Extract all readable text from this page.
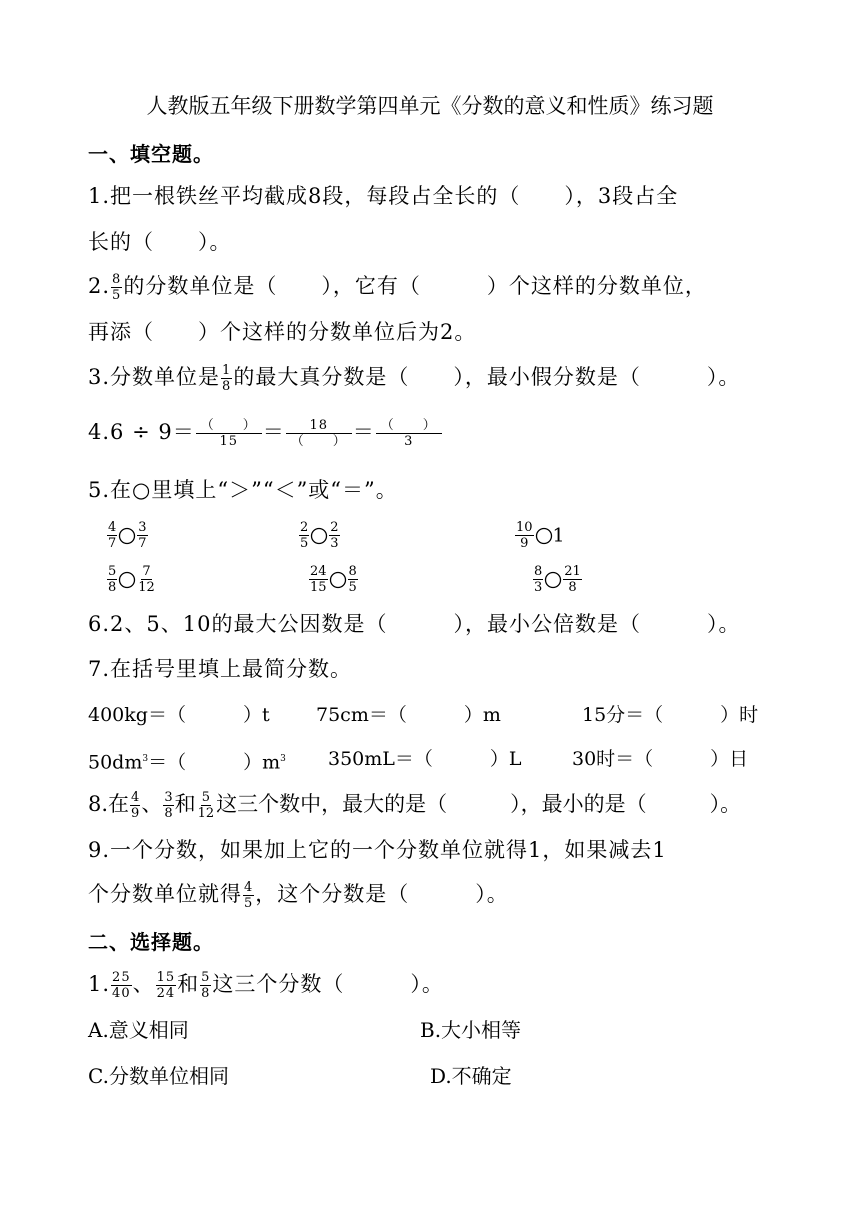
人教版五年级下册数学第四单元《分数的意义和性质》练习题
一、填空题。
1.把一根铁丝平均截成8段，每段占全长的（　　），3段占全
长的（　　）。
2. $\frac{8}{5}$ 的分数单位是（　　），它有（　　　）个这样的分数单位，
再添（　　）个这样的分数单位后为2。
3.分数单位是 $\frac{1}{8}$ 的最大真分数是（　　），最小假分数是（　　　）。
$4.6 \div 9= \frac{( )}{15} = \frac{18}{( )} = \frac{( )}{3}$
5.在○里填上“＞”“＜”或“＝”。
$\frac{4}{7} \frac{3}{7}$	$\frac{2}{5} \frac{2}{3}$	$\frac{10}{9} 1$
$\frac{5}{8} \frac{7}{12}$	$\frac{24}{15} \frac{8}{5}$	$\frac{8}{3} \frac{21}{8}$
6.2、5、10的最大公因数是（　　　），最小公倍数是（　　　）。
7.在括号里填上最简分数。
400kg＝（　　　）t 75cm＝（　　　）m	15分＝（　　　）时
$50dm^3=$（　　　）$m^3$ 350mL＝（　　　）L	30时＝（　　　）日
8.在 $\frac{4}{9}$ 、 $\frac{3}{8}$ 和 $\frac{5}{12}$ 这三个数中，最大的是（　　　），最小的是（　　　）。
9.一个分数，如果加上它的一个分数单位就得1，如果减去1
个分数单位就得 $\frac{4}{5}$ ，这个分数是（　　　）。
二、选择题。
1. $\frac{25}{40}$ 、 $\frac{15}{24}$ 和 $\frac{5}{8}$ 这三个分数（　　　）。
A.意义相同	B.大小相等
C.分数单位相同	D.不确定
